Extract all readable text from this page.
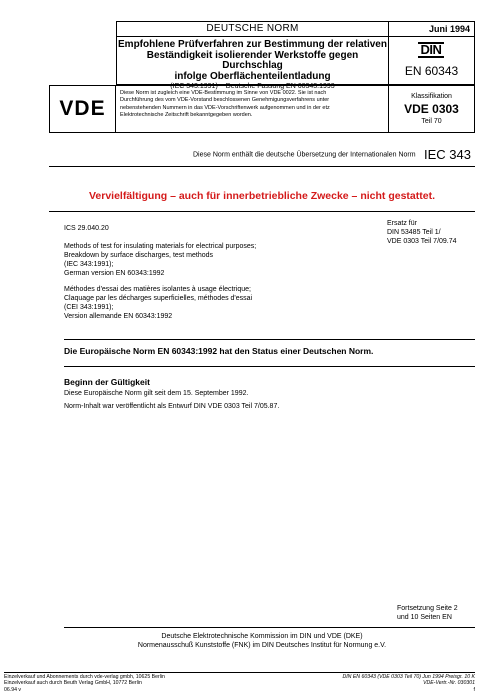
DEUTSCHE NORM	Juni 1994
Empfohlene Prüfverfahren zur Bestimmung der relativen
Beständigkeit isolierender Werkstoffe gegen Durchschlag
infolge Oberflächenteilentladung
(IEC 343:1991) Deutsche Fassung EN 60343:1993
DIN
EN 60343
VDE
Diese Norm ist zugleich eine VDE-Bestimmung im Sinne von VDE 0022. Sie ist nach
Durchführung des vom VDE-Vorstand beschlossenen Genehmigungsverfahrens unter
nebenstehenden Nummern in das VDE-Vorschriftenwerk aufgenommen und in der etz
Elektrotechnische Zeitschrift bekanntgegeben worden.
Klassifikation
VDE 0303
Teil 70
Diese Norm enthält die deutsche Übersetzung der Internationalen Norm IEC 343
Vervielfältigung – auch für innerbetriebliche Zwecke – nicht gestattet.
ICS 29.040.20
Ersatz für
DIN 53485 Teil 1/
VDE 0303 Teil 7/09.74
Methods of test for insulating materials for electrical purposes;
Breakdown by surface discharges, test methods
(IEC 343:1991);
German version EN 60343:1992
Méthodes d'essai des matières isolantes à usage électrique;
Claquage par les décharges superficielles, méthodes d'essai
(CEI 343:1991);
Version allemande EN 60343:1992
Die Europäische Norm EN 60343:1992 hat den Status einer Deutschen Norm.
Beginn der Gültigkeit
Diese Europäische Norm gilt seit dem 15. September 1992.
Norm-Inhalt war veröffentlicht als Entwurf DIN VDE 0303 Teil 7/05.87.
Fortsetzung Seite 2
und 10 Seiten EN
Deutsche Elektrotechnische Kommission im DIN und VDE (DKE)
Normenausschuß Kunststoffe (FNK) im DIN Deutsches Institut für Normung e.V.
Einzelverkauf und Abonnements durch vde-verlag gmbh, 10625 Berlin
Einzelverkauf auch durch Beuth Verlag GmbH, 10772 Berlin
06.94 v
DIN EN 60343 (VDE 0303 Teil 70) Jun 1994 Preisgr. 10 K
VDE-Vertr.-Nr. 030301
f
